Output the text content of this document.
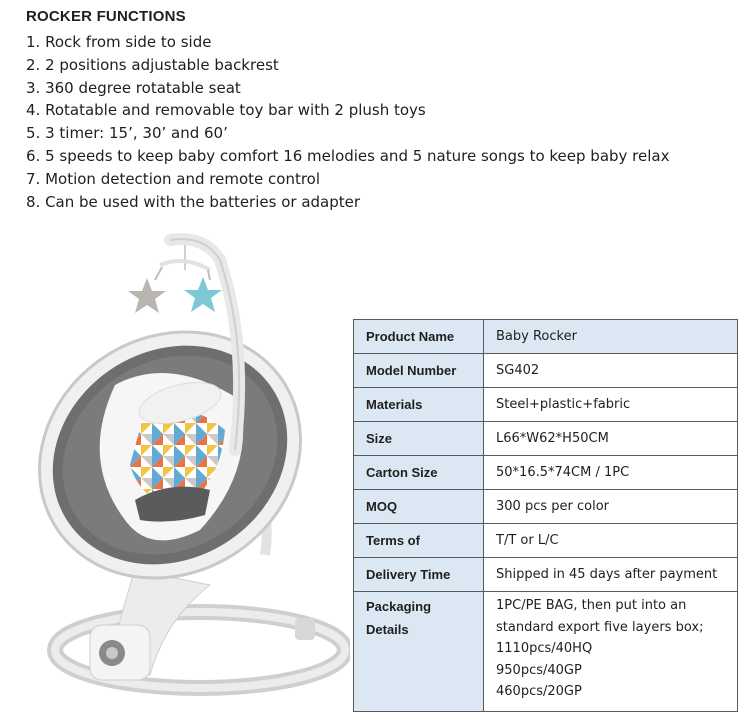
ROCKER FUNCTIONS
1. Rock from side to side
2. 2 positions adjustable backrest
3. 360 degree rotatable seat
4. Rotatable and removable toy bar with 2 plush toys
5. 3 timer: 15’, 30’ and 60’
6. 5 speeds to keep baby comfort 16 melodies and 5 nature songs to keep baby relax
7. Motion detection and remote control
8. Can be used with the batteries or adapter
Product Name	Baby Rocker
Model Number	SG402
Materials	Steel+plastic+fabric
Size	L66*W62*H50CM
Carton Size	50*16.5*74CM / 1PC
MOQ	300 pcs per color
Terms of	T/T or L/C
Delivery Time	Shipped in 45 days after payment

Packaging
Details	1PC/PE BAG, then put into an
standard export five layers box;
1110pcs/40HQ
950pcs/40GP
460pcs/20GP
